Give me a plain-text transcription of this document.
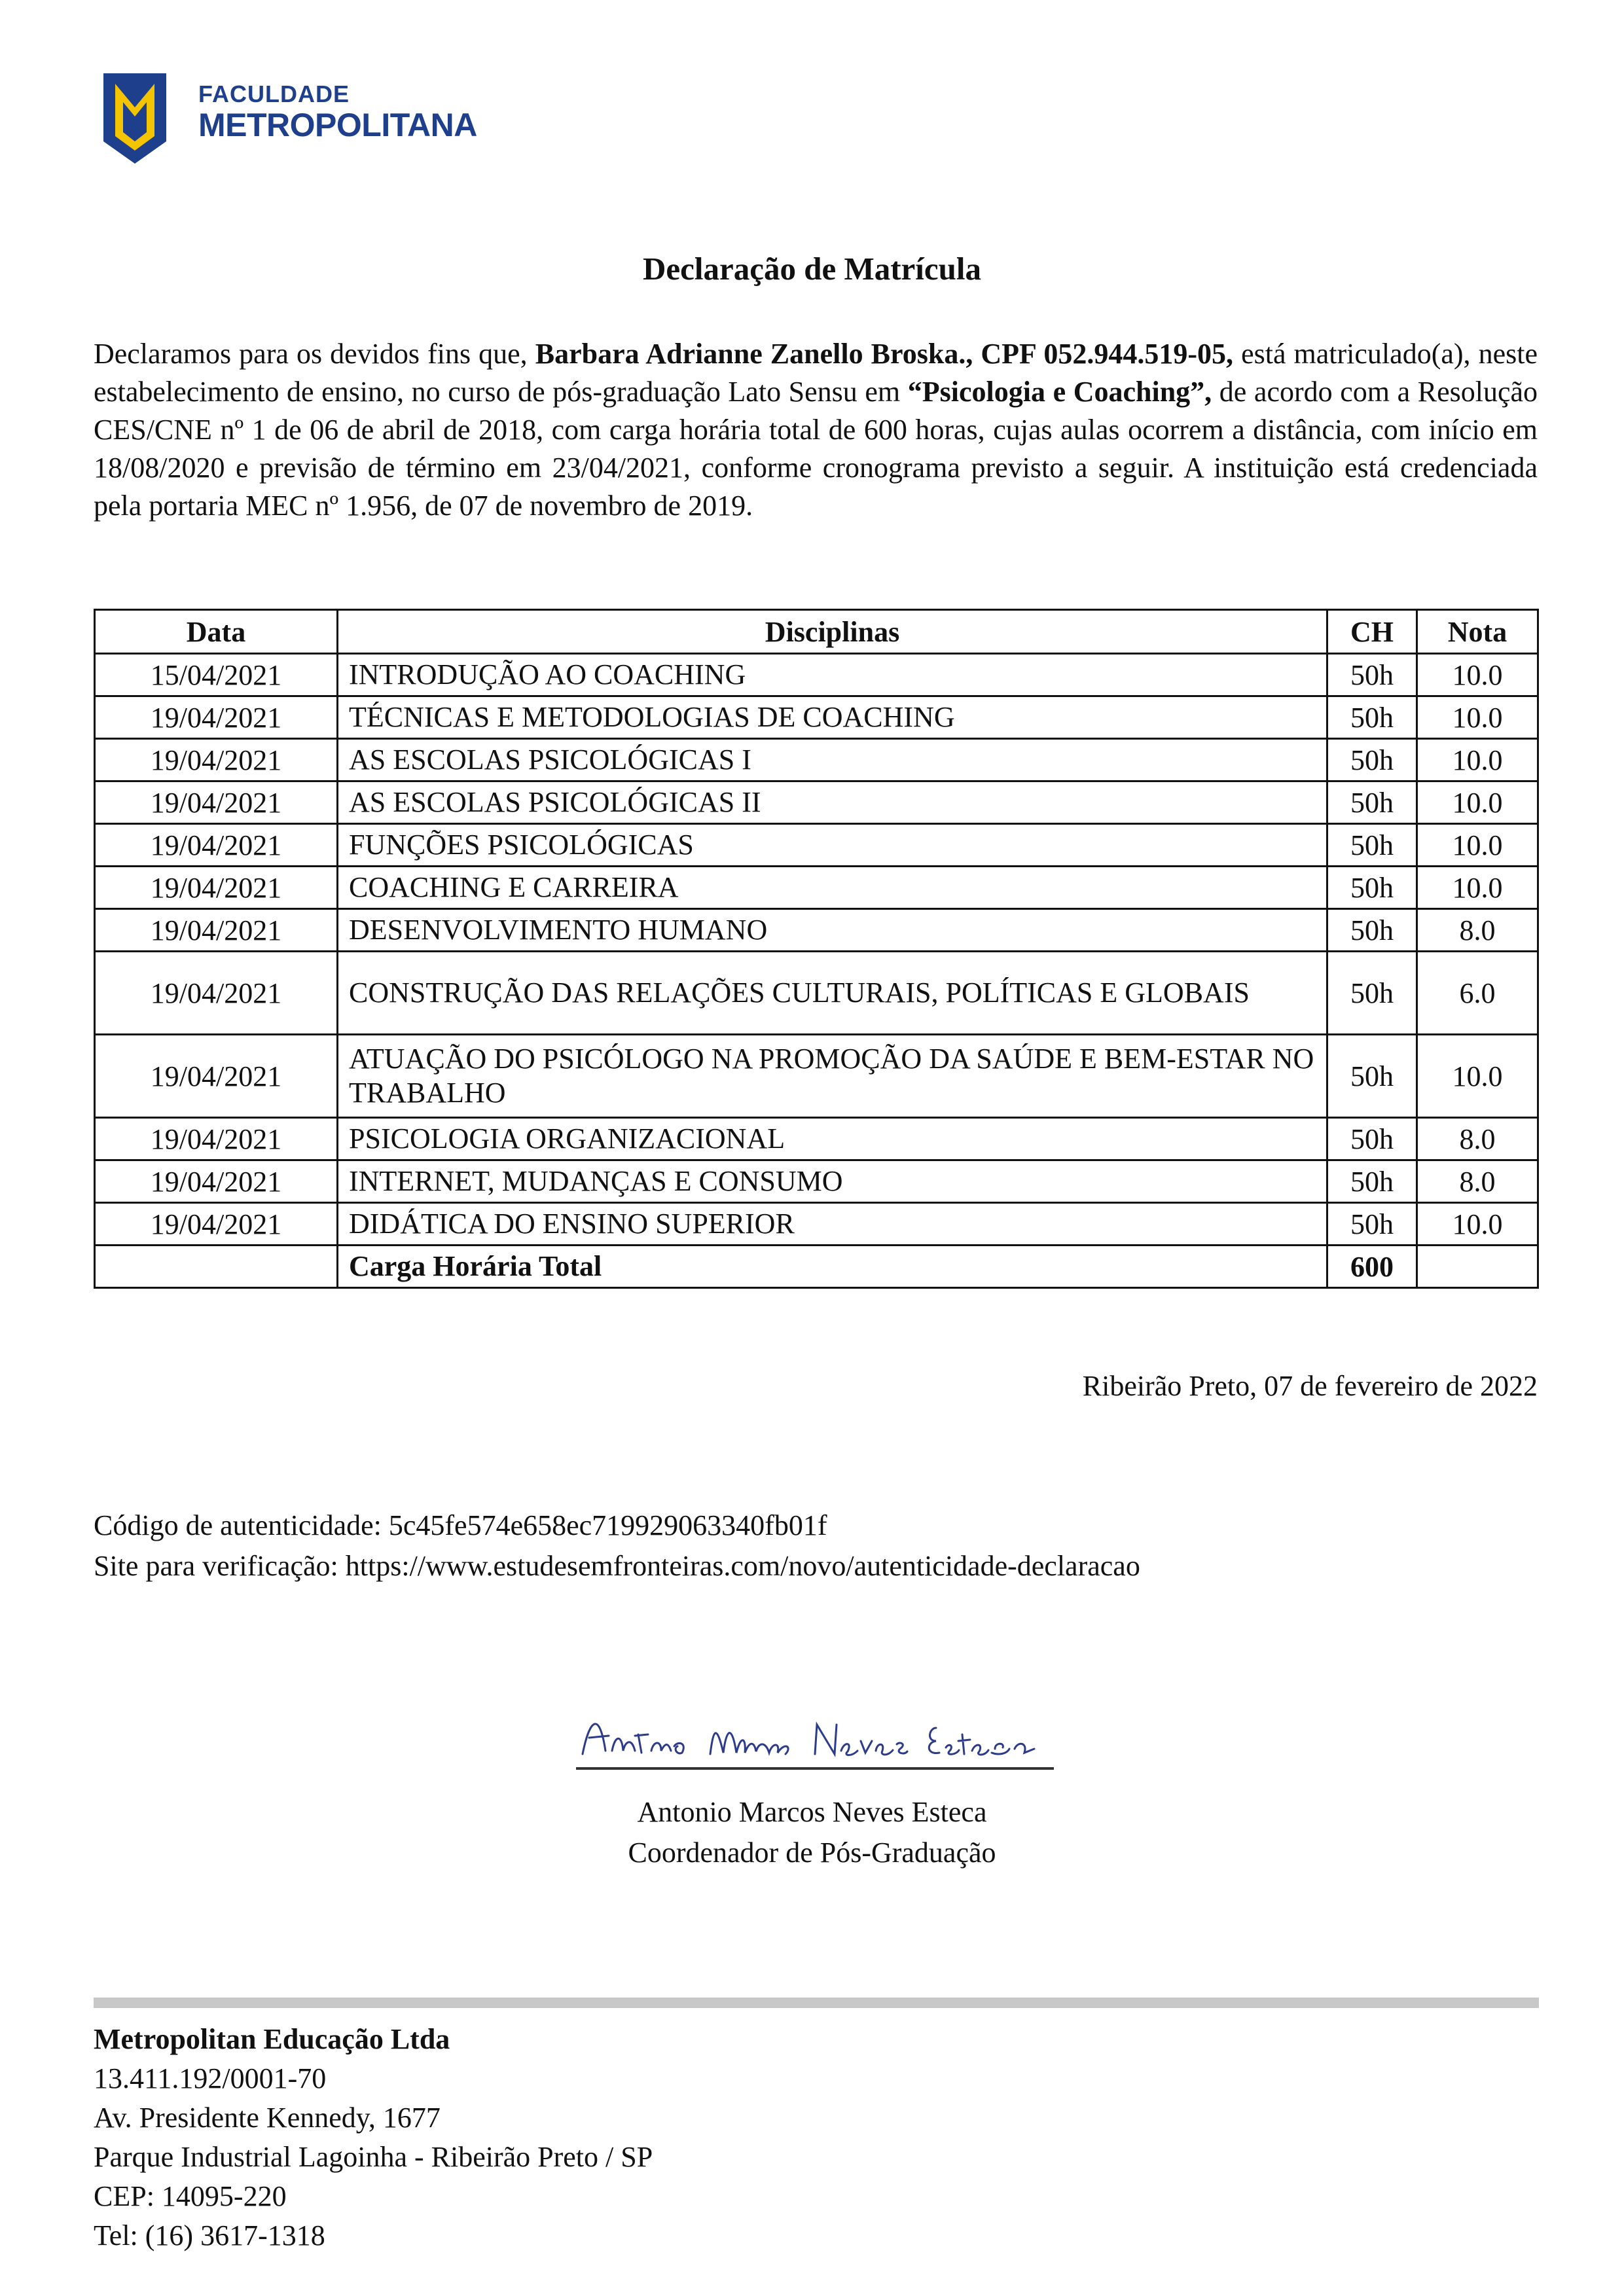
FACULDADE
METROPOLITANA
Declaração de Matrícula
Declaramos para os devidos fins que, Barbara Adrianne Zanello Broska., CPF 052.944.519-05, está matriculado(a), neste estabelecimento de ensino, no curso de pós-graduação Lato Sensu em “Psicologia e Coaching”, de acordo com a Resolução CES/CNE nº 1 de 06 de abril de 2018, com carga horária total de 600 horas, cujas aulas ocorrem a distância, com início em 18/08/2020 e previsão de término em 23/04/2021, conforme cronograma previsto a seguir. A instituição está credenciada pela portaria MEC nº 1.956, de 07 de novembro de 2019.
Data	Disciplinas	CH	Nota
15/04/2021	INTRODUÇÃO AO COACHING	50h	10.0
19/04/2021	TÉCNICAS E METODOLOGIAS DE COACHING	50h	10.0
19/04/2021	AS ESCOLAS PSICOLÓGICAS I	50h	10.0
19/04/2021	AS ESCOLAS PSICOLÓGICAS II	50h	10.0
19/04/2021	FUNÇÕES PSICOLÓGICAS	50h	10.0
19/04/2021	COACHING E CARREIRA	50h	10.0
19/04/2021	DESENVOLVIMENTO HUMANO	50h	8.0
19/04/2021	CONSTRUÇÃO DAS RELAÇÕES CULTURAIS, POLÍTICAS E GLOBAIS	50h	6.0
19/04/2021	ATUAÇÃO DO PSICÓLOGO NA PROMOÇÃO DA SAÚDE E BEM-ESTAR NO TRABALHO	50h	10.0
19/04/2021	PSICOLOGIA ORGANIZACIONAL	50h	8.0
19/04/2021	INTERNET, MUDANÇAS E CONSUMO	50h	8.0
19/04/2021	DIDÁTICA DO ENSINO SUPERIOR	50h	10.0
	Carga Horária Total	600	
Ribeirão Preto, 07 de fevereiro de 2022
Código de autenticidade: 5c45fe574e658ec719929063340fb01f
Site para verificação: https://www.estudesemfronteiras.com/novo/autenticidade-declaracao
Antonio Marcos Neves Esteca
Coordenador de Pós-Graduação
Metropolitan Educação Ltda
13.411.192/0001-70
Av. Presidente Kennedy, 1677
Parque Industrial Lagoinha - Ribeirão Preto / SP
CEP: 14095-220
Tel: (16) 3617-1318
